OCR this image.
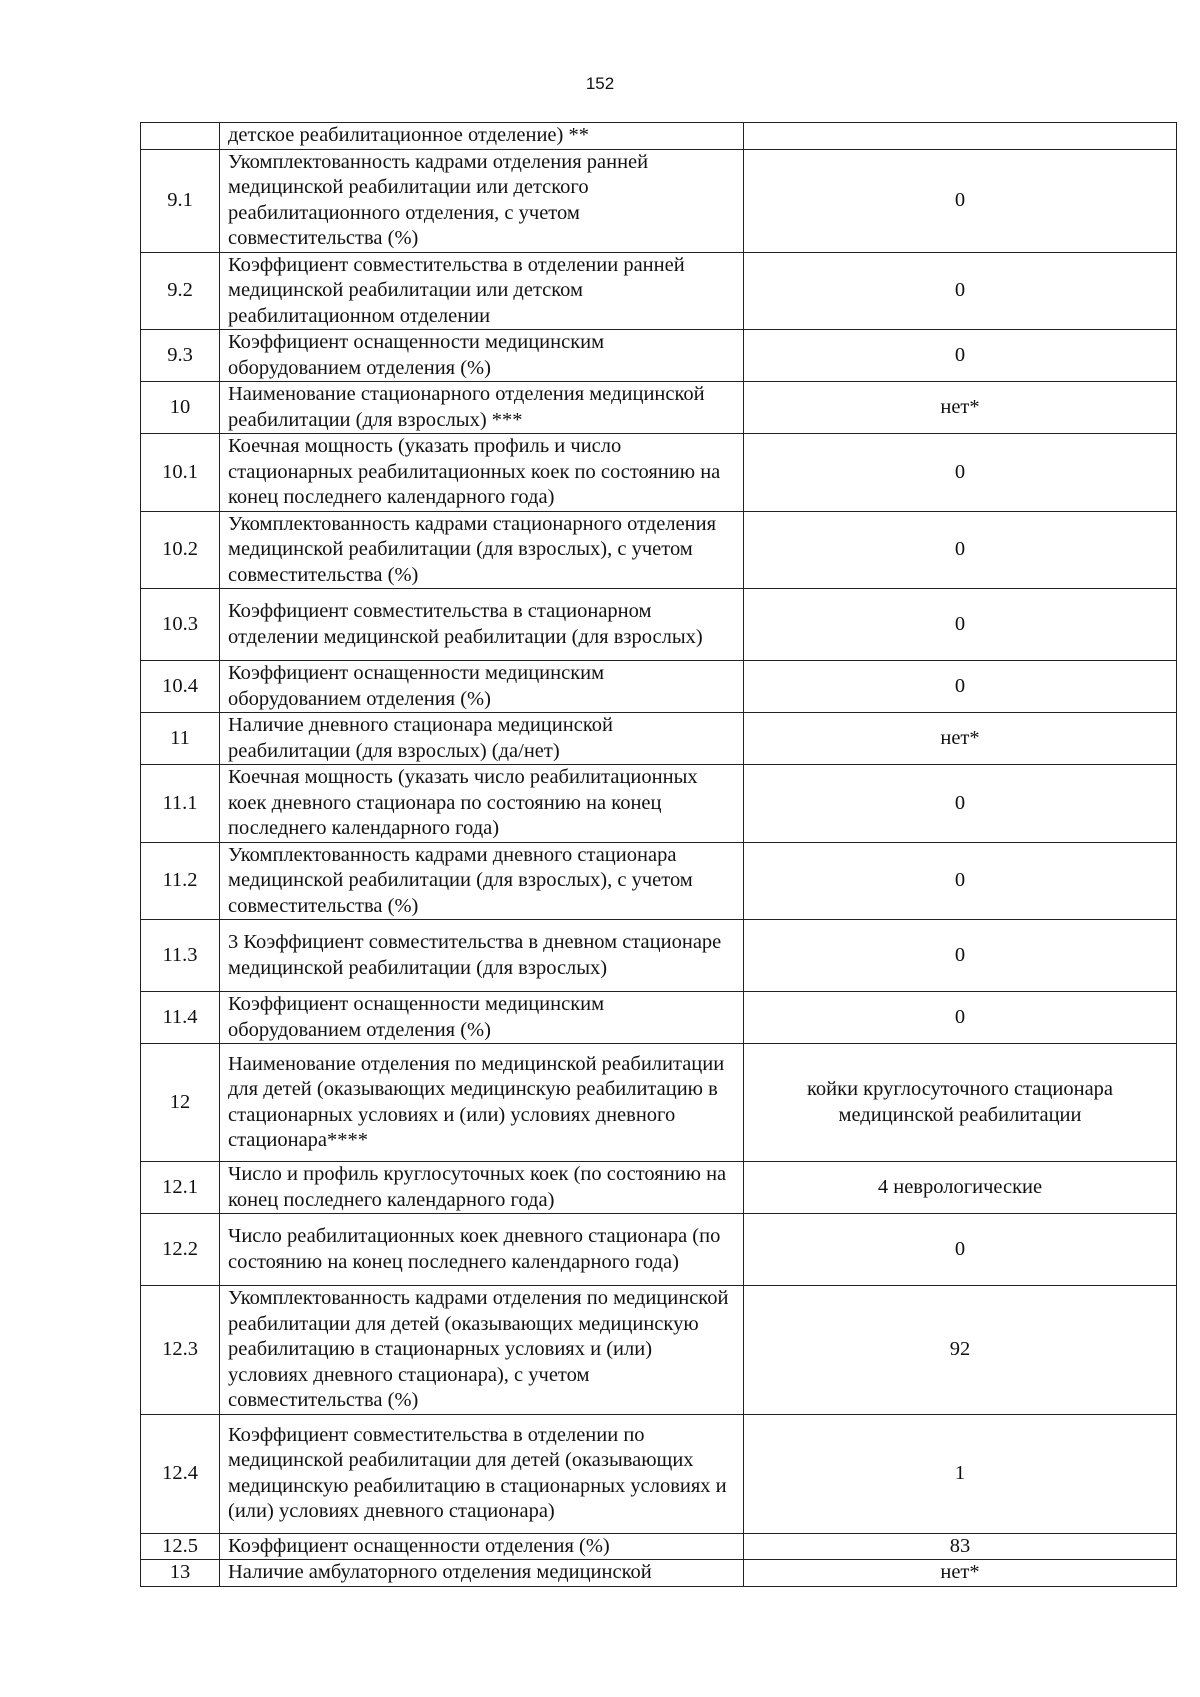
152
	детское реабилитационное отделение) **	
9.1	Укомплектованность кадрами отделения ранней медицинской реабилитации или детского реабилитационного отделения, с учетом совместительства (%)	0
9.2	Коэффициент совместительства в отделении ранней медицинской реабилитации или детском реабилитационном отделении	0
9.3	Коэффициент оснащенности медицинским оборудованием отделения (%)	0
10	Наименование стационарного отделения медицинской реабилитации (для взрослых) ***	нет*
10.1	Коечная мощность (указать профиль и число стационарных реабилитационных коек по состоянию на конец последнего календарного года)	0
10.2	Укомплектованность кадрами стационарного отделения медицинской реабилитации (для взрослых), с учетом совместительства (%)	0
10.3	Коэффициент совместительства в стационарном отделении медицинской реабилитации (для взрослых)	0
10.4	Коэффициент оснащенности медицинским оборудованием отделения (%)	0
11	Наличие дневного стационара медицинской реабилитации (для взрослых) (да/нет)	нет*
11.1	Коечная мощность (указать число реабилитационных коек дневного стационара по состоянию на конец последнего календарного года)	0
11.2	Укомплектованность кадрами дневного стационара медицинской реабилитации (для взрослых), с учетом совместительства (%)	0
11.3	3 Коэффициент совместительства в дневном стационаре медицинской реабилитации (для взрослых)	0
11.4	Коэффициент оснащенности медицинским оборудованием отделения (%)	0
12	Наименование отделения по медицинской реабилитации для детей (оказывающих медицинскую реабилитацию в стационарных условиях и (или) условиях дневного стационара****	койки круглосуточного стационара медицинской реабилитации
12.1	Число и профиль круглосуточных коек (по состоянию на конец последнего календарного года)	4 неврологические
12.2	Число реабилитационных коек дневного стационара (по состоянию на конец последнего календарного года)	0
12.3	Укомплектованность кадрами отделения по медицинской реабилитации для детей (оказывающих медицинскую реабилитацию в стационарных условиях и (или) условиях дневного стационара), с учетом совместительства (%)	92
12.4	Коэффициент совместительства в отделении по медицинской реабилитации для детей (оказывающих медицинскую реабилитацию в стационарных условиях и (или) условиях дневного стационара)	1
12.5	Коэффициент оснащенности отделения (%)	83
13	Наличие амбулаторного отделения медицинской	нет*
